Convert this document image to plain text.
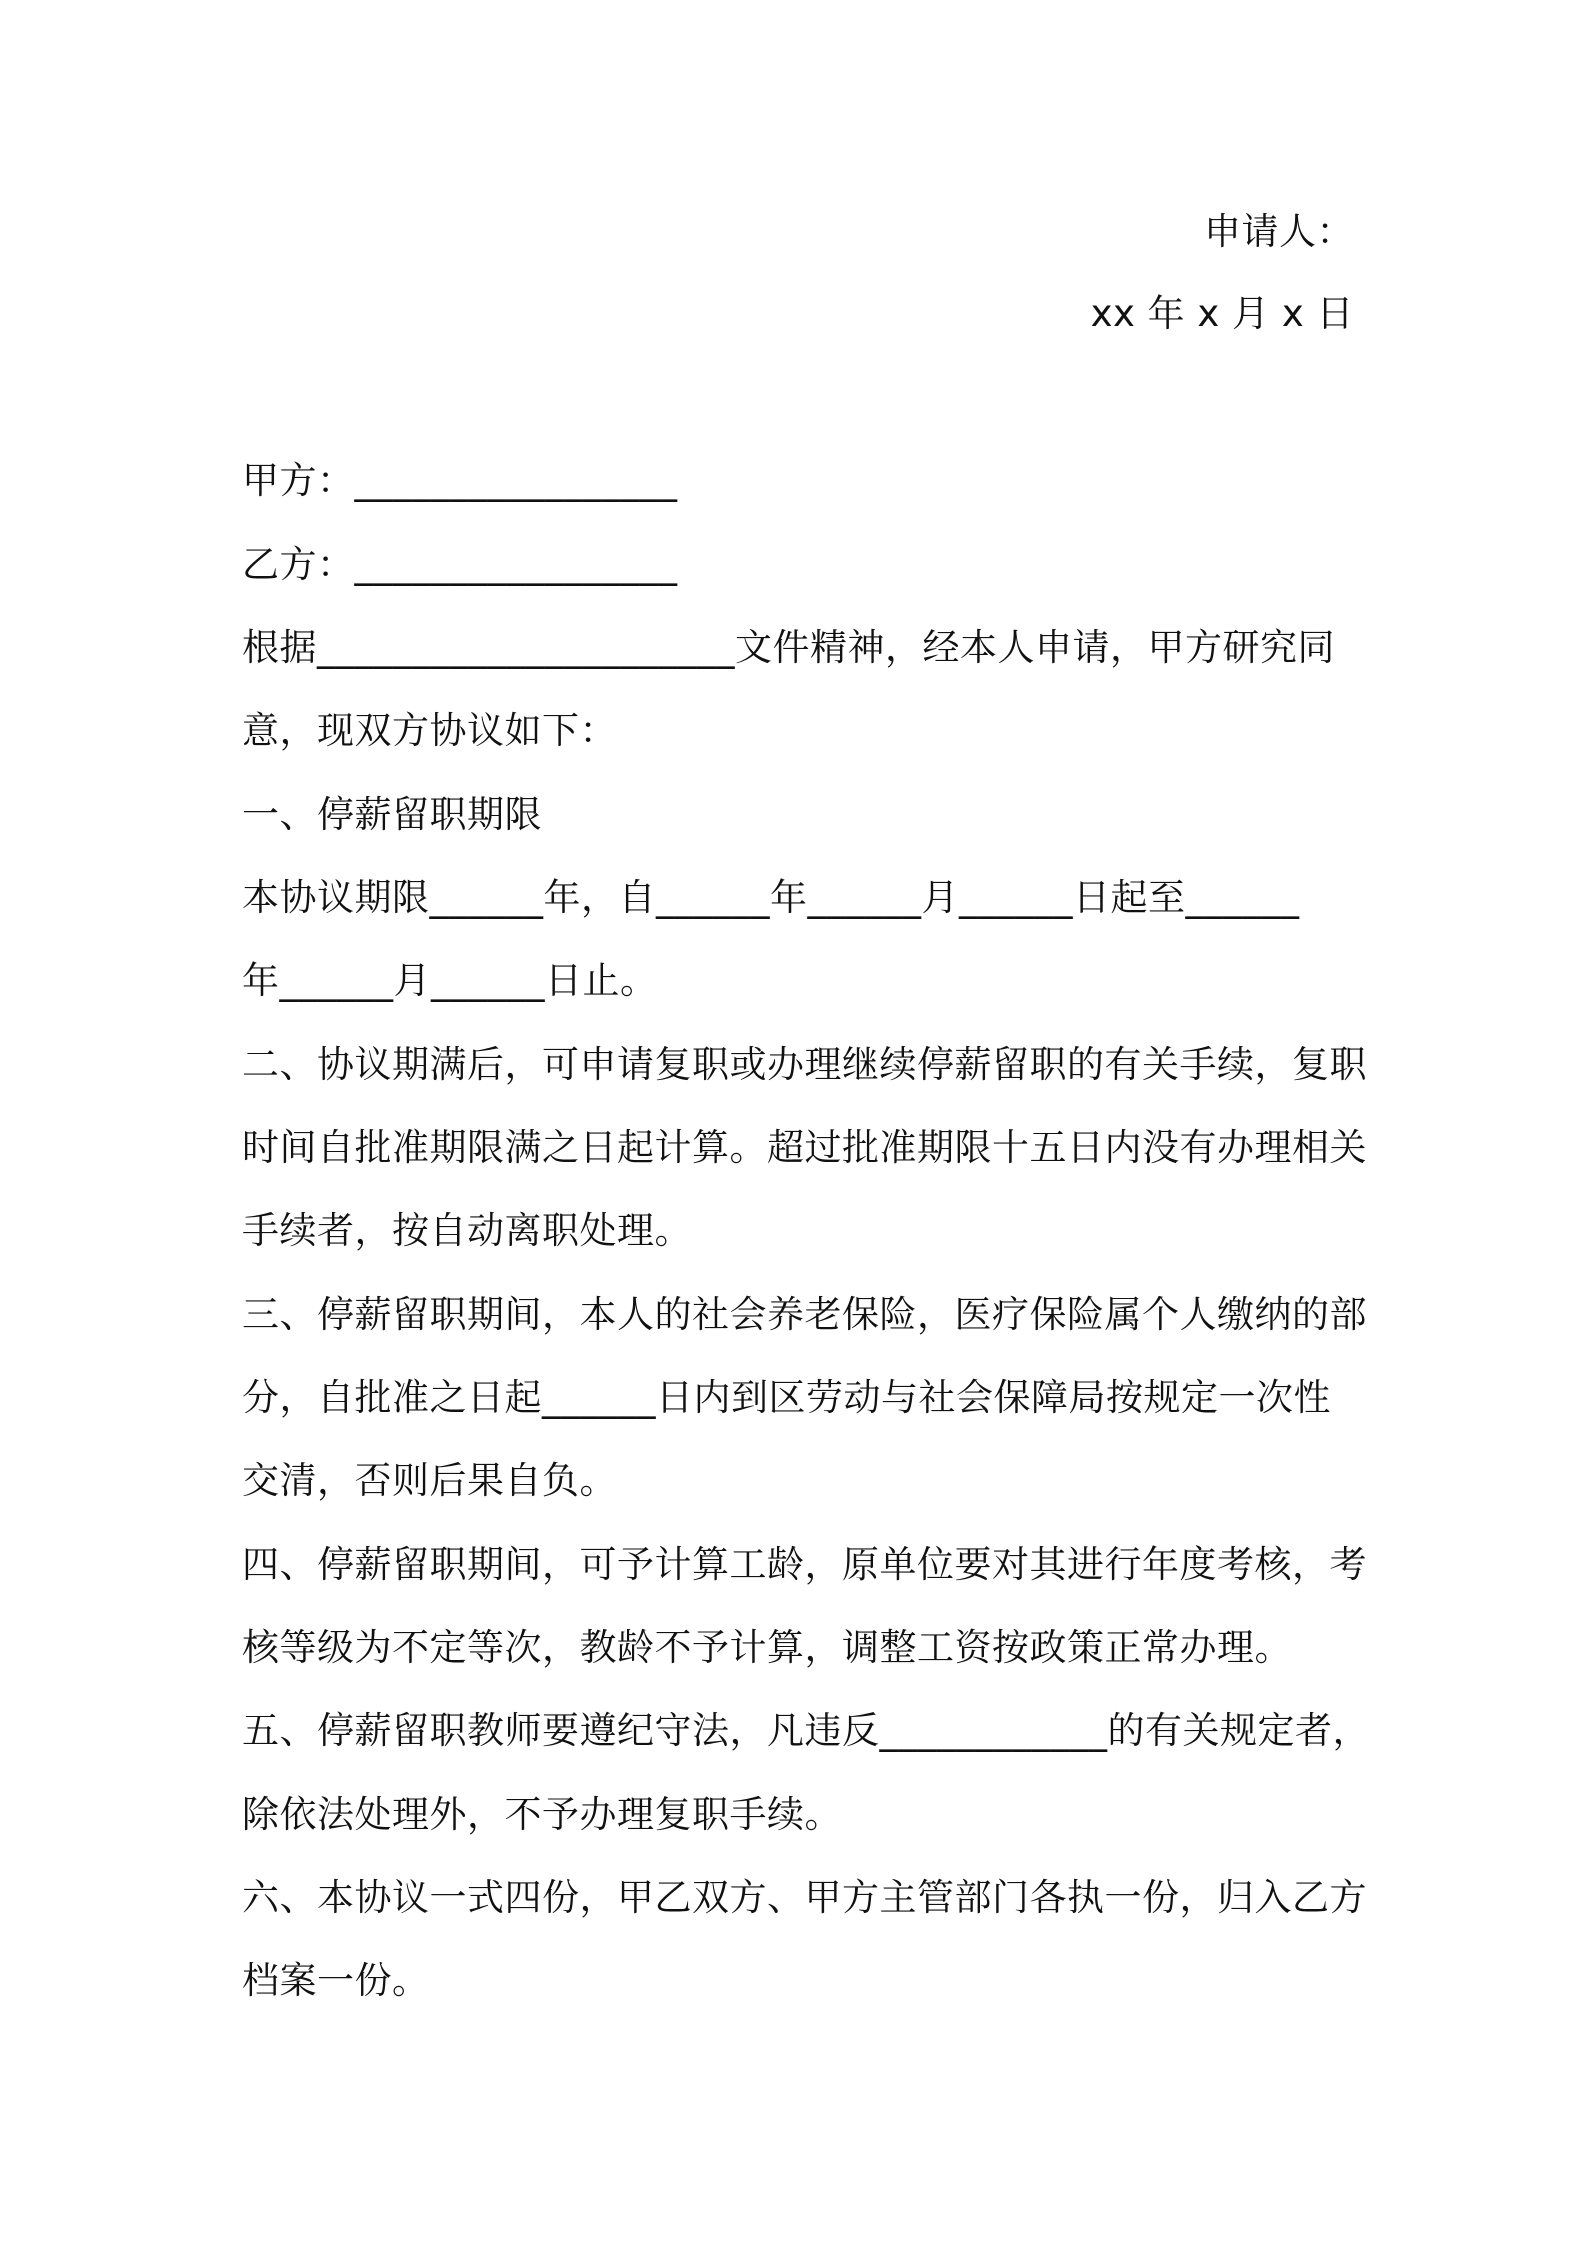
申请人：
xx 年 x 月 x 日
甲方：_________________
乙方：_________________
根据______________________文件精神，经本人申请，甲方研究同
意，现双方协议如下：
一、停薪留职期限
本协议期限______年，自______年______月______日起至______
年______月______日止。
二、协议期满后，可申请复职或办理继续停薪留职的有关手续，复职
时间自批准期限满之日起计算。超过批准期限十五日内没有办理相关
手续者，按自动离职处理。
三、停薪留职期间，本人的社会养老保险，医疗保险属个人缴纳的部
分，自批准之日起______日内到区劳动与社会保障局按规定一次性
交清，否则后果自负。
四、停薪留职期间，可予计算工龄，原单位要对其进行年度考核，考
核等级为不定等次，教龄不予计算，调整工资按政策正常办理。
五、停薪留职教师要遵纪守法，凡违反____________的有关规定者，
除依法处理外，不予办理复职手续。
六、本协议一式四份，甲乙双方、甲方主管部门各执一份，归入乙方
档案一份。
